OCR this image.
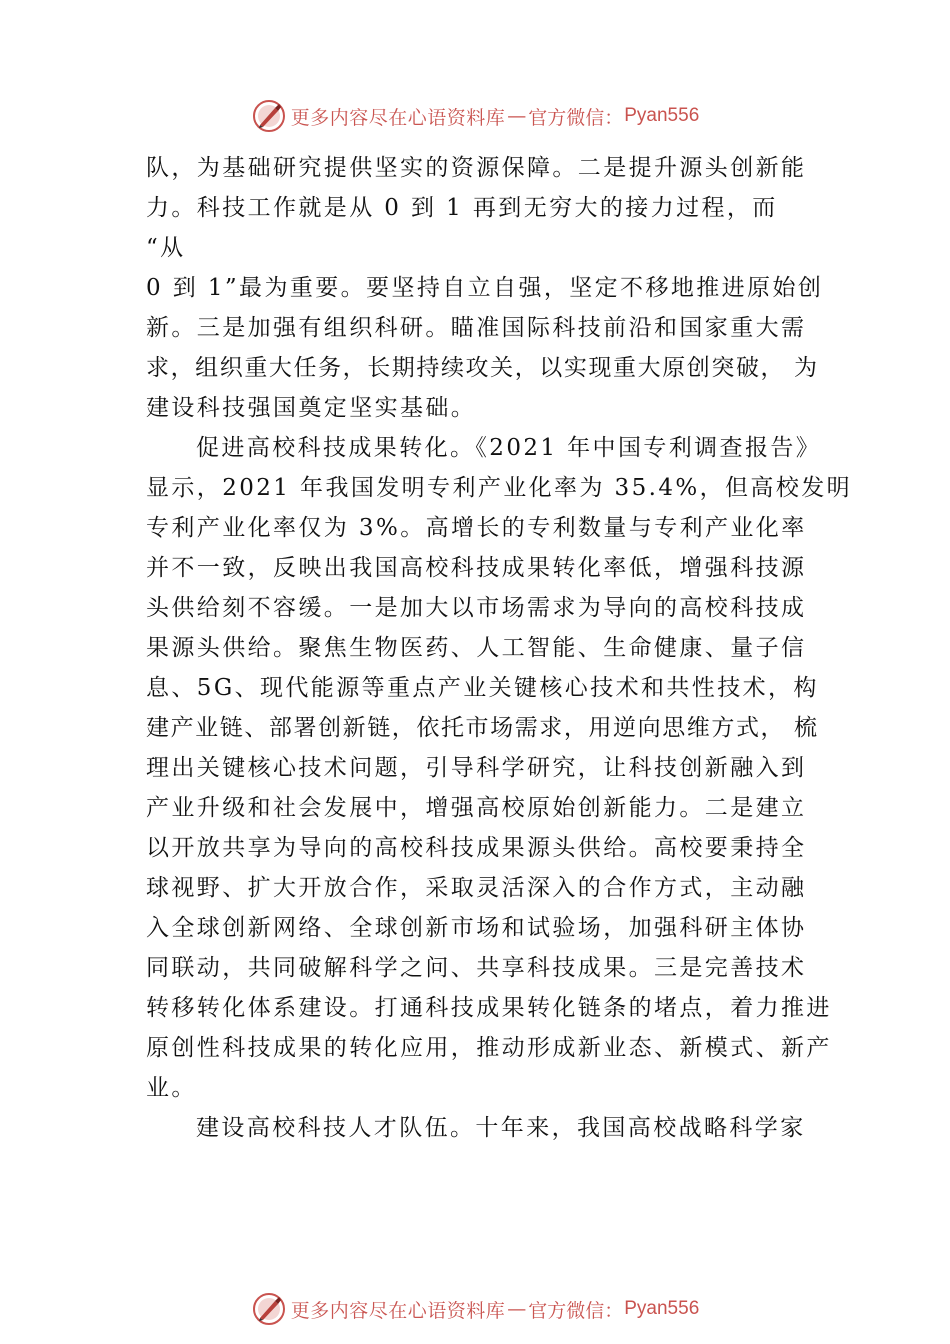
更多内容尽在心语资料库 — 官方微信： Pyan556
队，为基础研究提供坚实的资源保障。二是提升源头创新能
力。科技工作就是从 0 到 1 再到无穷大的接力过程，而
“从
0 到 1”最为重要。要坚持自立自强，坚定不移地推进原始创
新。三是加强有组织科研。瞄准国际科技前沿和国家重大需
求，组织重大任务，长期持续攻关，以实现重大原创突破， 为
建设科技强国奠定坚实基础。
促进高校科技成果转化。《2021 年中国专利调查报告》
显示，2021 年我国发明专利产业化率为 35.4%，但高校发明
专利产业化率仅为 3%。高增长的专利数量与专利产业化率
并不一致，反映出我国高校科技成果转化率低，增强科技源
头供给刻不容缓。一是加大以市场需求为导向的高校科技成
果源头供给。聚焦生物医药、人工智能、生命健康、量子信
息、5G、现代能源等重点产业关键核心技术和共性技术，构
建产业链、部署创新链，依托市场需求，用逆向思维方式， 梳
理出关键核心技术问题，引导科学研究，让科技创新融入到
产业升级和社会发展中，增强高校原始创新能力。二是建立
以开放共享为导向的高校科技成果源头供给。高校要秉持全
球视野、扩大开放合作，采取灵活深入的合作方式，主动融
入全球创新网络、全球创新市场和试验场，加强科研主体协
同联动，共同破解科学之问、共享科技成果。三是完善技术
转移转化体系建设。打通科技成果转化链条的堵点，着力推进
原创性科技成果的转化应用，推动形成新业态、新模式、新产
业。
建设高校科技人才队伍。十年来，我国高校战略科学家
更多内容尽在心语资料库 — 官方微信： Pyan556
